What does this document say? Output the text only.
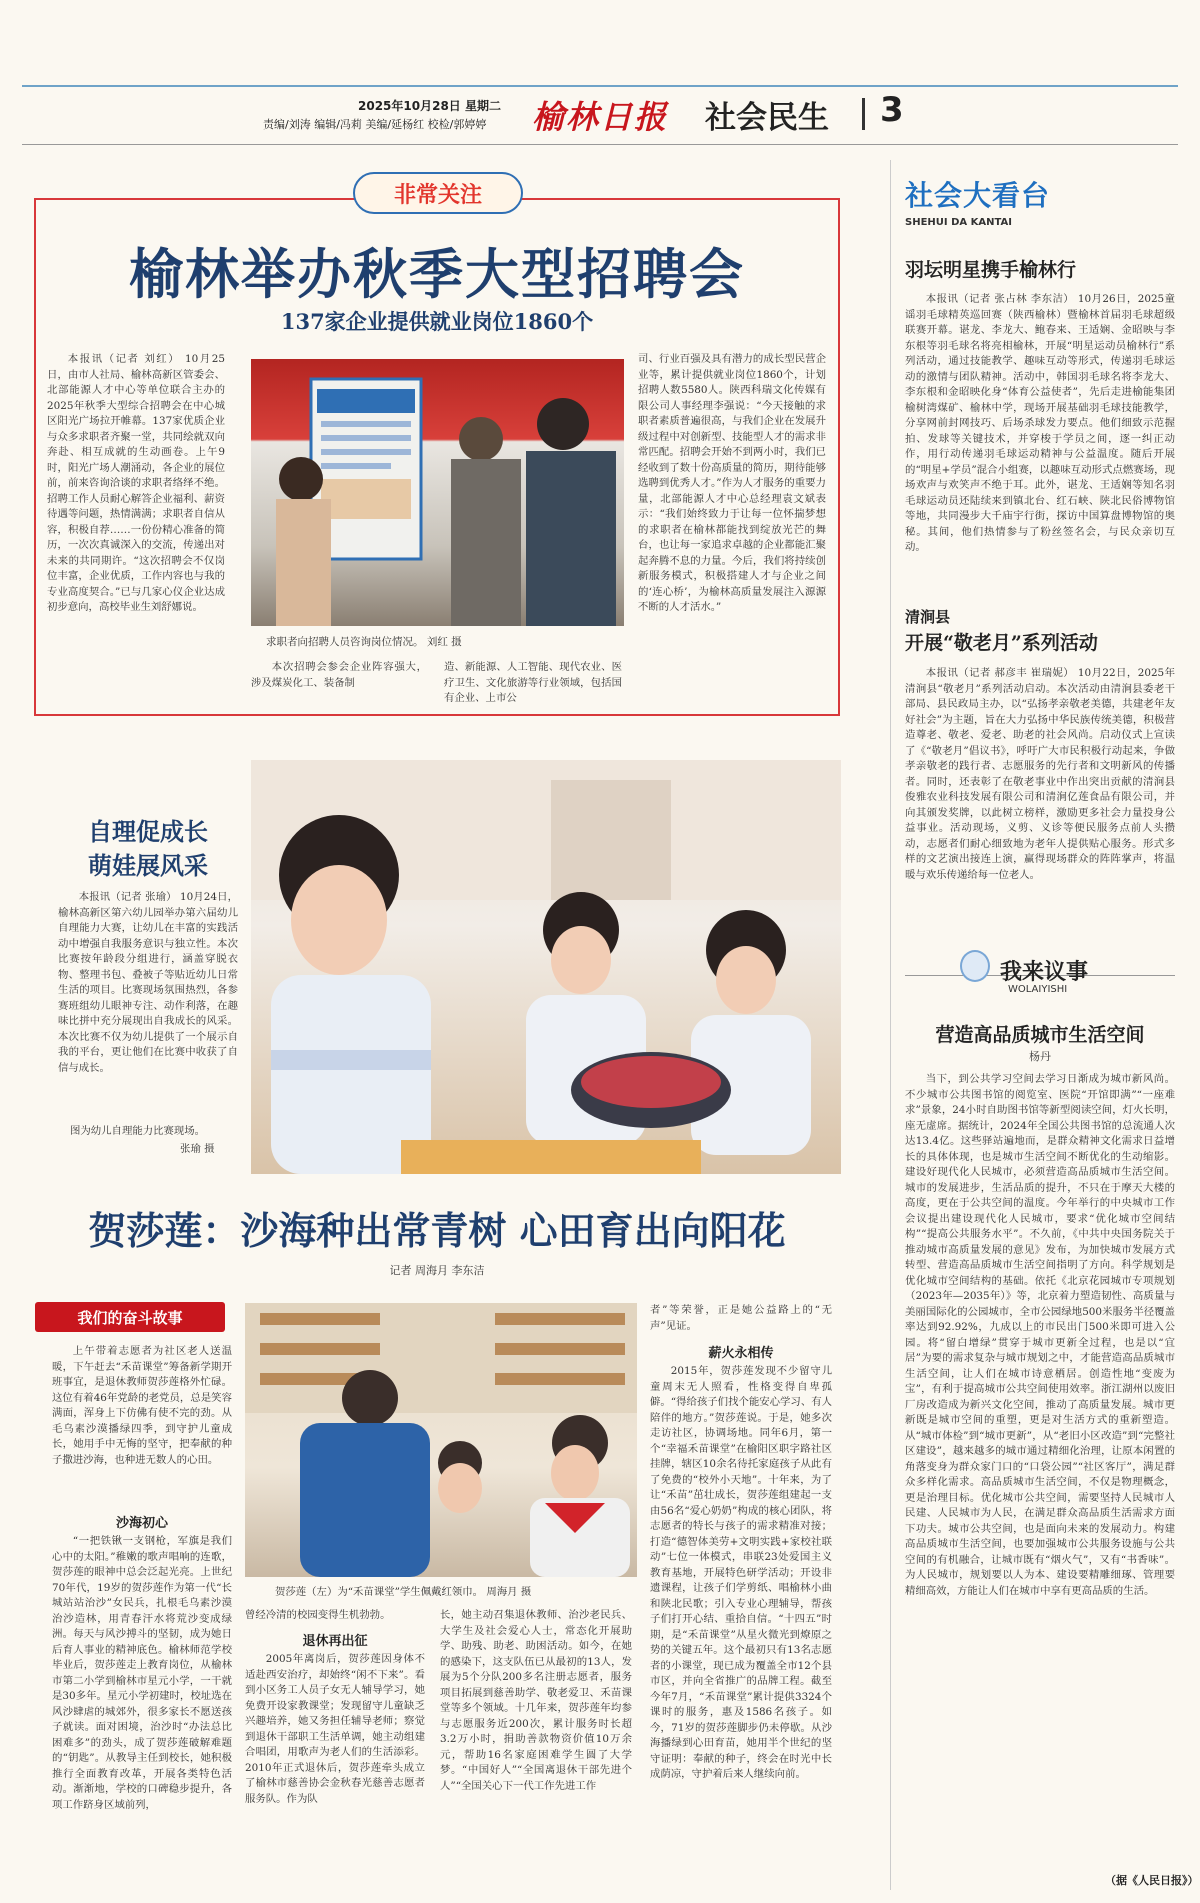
2025年10月28日 星期二
责编/刘涛 编辑/冯莉 美编/延杨红 校检/郭婷婷 榆林日报 社会民生 3
非常关注
榆林举办秋季大型招聘会
137家企业提供就业岗位1860个

本报讯（记者 刘红） 10月25日，由市人社局、榆林高新区管委会、北部能源人才中心等单位联合主办的2025年秋季大型综合招聘会在中心城区阳光广场拉开帷幕。137家优质企业与众多求职者齐聚一堂，共同绘就双向奔赴、相互成就的生动画卷。上午9时，阳光广场人潮涌动，各企业的展位前，前来咨询洽谈的求职者络绎不绝。招聘工作人员耐心解答企业福利、薪资待遇等问题，热情满满；求职者自信从容，积极自荐……一份份精心准备的简历，一次次真诚深入的交流，传递出对未来的共同期许。“这次招聘会不仅岗位丰富，企业优质，工作内容也与我的专业高度契合。”已与几家心仪企业达成初步意向，高校毕业生刘舒娜说。

求职者向招聘人员咨询岗位情况。 刘红 摄

本次招聘会参会企业阵容强大，涉及煤炭化工、装备制

造、新能源、人工智能、现代农业、医疗卫生、文化旅游等行业领域，包括国有企业、上市公

司、行业百强及具有潜力的成长型民营企业等，累计提供就业岗位1860个，计划招聘人数5580人。陕西科瑞文化传媒有限公司人事经理李强说：“今天接触的求职者素质普遍很高，与我们企业在发展升级过程中对创新型、技能型人才的需求非常匹配。招聘会开始不到两小时，我们已经收到了数十份高质量的简历，期待能够选聘到优秀人才。”作为人才服务的重要力量，北部能源人才中心总经理袁文斌表示：“我们始终致力于让每一位怀揣梦想的求职者在榆林都能找到绽放光芒的舞台，也让每一家追求卓越的企业都能汇聚起奔腾不息的力量。今后，我们将持续创新服务模式，积极搭建人才与企业之间的‘连心桥’，为榆林高质量发展注入源源不断的人才活水。”

自理促成长
萌娃展风采

本报讯（记者 张瑜） 10月24日，榆林高新区第六幼儿园举办第六届幼儿自理能力大赛，让幼儿在丰富的实践活动中增强自我服务意识与独立性。本次比赛按年龄段分组进行，涵盖穿脱衣物、整理书包、叠被子等贴近幼儿日常生活的项目。比赛现场氛围热烈，各参赛班组幼儿眼神专注、动作利落，在趣味比拼中充分展现出自我成长的风采。本次比赛不仅为幼儿提供了一个展示自我的平台，更让他们在比赛中收获了自信与成长。

图为幼儿自理能力比赛现场。
张瑜 摄
贺莎莲：沙海种出常青树 心田育出向阳花
记者 周海月 李东洁
我们的奋斗故事

上午带着志愿者为社区老人送温暖，下午赶去“禾苗课堂”筹备新学期开班事宜，是退休教师贺莎莲格外忙碌。这位有着46年党龄的老党员，总是笑容满面，浑身上下仿佛有使不完的劲。从毛乌素沙漠播绿四季，到守护儿童成长，她用手中无悔的坚守，把奉献的种子撒进沙海，也种进无数人的心田。

沙海初心

“一把铁锹一支钢枪，军旗是我们心中的太阳。”稚嫩的歌声唱响的连歌，贺莎莲的眼神中总会泛起光亮。上世纪70年代，19岁的贺莎莲作为第一代“长城站站治沙”女民兵，扎根毛乌素沙漠治沙造林，用青春汗水将荒沙变成绿洲。每天与风沙搏斗的坚韧，成为她日后育人事业的精神底色。榆林师范学校毕业后，贺莎莲走上教育岗位，从榆林市第二小学到榆林市星元小学，一干就是30多年。星元小学初建时，校址选在风沙肆虐的城郊外，很多家长不愿送孩子就读。面对困境，治沙时“办法总比困难多”的劲头，成了贺莎莲破解难题的“钥匙”。从教导主任到校长，她积极推行全面教育改革，开展各类特色活动。渐渐地，学校的口碑稳步提升，各项工作跻身区域前列，

贺莎莲（左）为“禾苗课堂”学生佩戴红领巾。 周海月 摄

曾经冷清的校园变得生机勃勃。

退休再出征

2005年离岗后，贺莎莲因身体不适赴西安治疗，却始终“闲不下来”。看到小区务工人员子女无人辅导学习，她免费开设家教课堂；发现留守儿童缺乏兴趣培养，她又务担任辅导老师；察觉到退休干部职工生活单调，她主动组建合唱团，用歌声为老人们的生活添彩。2010年正式退休后，贺莎莲牵头成立了榆林市慈善协会金秋春光慈善志愿者服务队。作为队

长，她主动召集退休教师、治沙老民兵、大学生及社会爱心人士，常态化开展助学、助残、助老、助困活动。如今，在她的感染下，这支队伍已从最初的13人，发展为5个分队200多名注册志愿者，服务项目拓展到慈善助学、敬老爱卫、禾苗课堂等多个领域。十几年来，贺莎莲年均参与志愿服务近200次，累计服务时长超3.2万小时，捐助善款物资价值10万余元，帮助16名家庭困难学生圆了大学梦。“中国好人”“全国离退休干部先进个人”“全国关心下一代工作先进工作

者”等荣誉，正是她公益路上的“无声”见证。

薪火永相传

2015年，贺莎莲发现不少留守儿童周末无人照看，性格变得自卑孤僻。“得给孩子们找个能安心学习、有人陪伴的地方。”贺莎莲说。于是，她多次走访社区，协调场地。同年6月，第一个“幸福禾苗课堂”在榆阳区职字路社区挂牌，辖区10余名待托家庭孩子从此有了免费的“校外小天地”。十年来，为了让“禾苗”茁壮成长，贺莎莲组建起一支由56名“爱心奶奶”构成的核心团队，将志愿者的特长与孩子的需求精准对接；打造“德智体美劳+文明实践+家校社联动”七位一体模式，串联23处爱国主义教育基地，开展特色研学活动；开设非遗课程，让孩子们学剪纸、唱榆林小曲和陕北民歌；引入专业心理辅导，帮孩子们打开心结、重拾自信。“十四五”时期，是“禾苗课堂”从星火微光到燎原之势的关键五年。这个最初只有13名志愿者的小课堂，现已成为覆盖全市12个县市区，并向全省推广的品牌工程。截至今年7月，“禾苗课堂”累计提供3324个课时的服务，惠及1586名孩子。如今，71岁的贺莎莲脚步仍未停歇。从沙海播绿到心田育苗，她用半个世纪的坚守证明：奉献的种子，终会在时光中长成荫凉，守护着后来人继续向前。

社会大看台
SHEHUI DA KANTAI
羽坛明星携手榆林行

本报讯（记者 张占林 李东洁） 10月26日，2025童谣羽毛球精英巡回赛（陕西榆林）暨榆林首届羽毛球超级联赛开幕。谌龙、李龙大、鲍春来、王适娴、金昭映与李东根等羽毛球名将亮相榆林，开展“明星运动员榆林行”系列活动，通过技能教学、趣味互动等形式，传递羽毛球运动的激情与团队精神。活动中，韩国羽毛球名将李龙大、李东根和金昭映化身“体育公益使者”，先后走进榆能集团榆树湾煤矿、榆林中学，现场开展基础羽毛球技能教学，分享网前封网技巧、后场杀球发力要点。他们细致示范握拍、发球等关键技术，并穿梭于学员之间，逐一纠正动作，用行动传递羽毛球运动精神与公益温度。随后开展的“明星+学员”混合小组赛，以趣味互动形式点燃赛场，现场欢声与欢笑声不绝于耳。此外，谌龙、王适娴等知名羽毛球运动员还陆续来到镇北台、红石峡、陕北民俗博物馆等地，共同漫步大千庙宇行街，探访中国算盘博物馆的奥秘。其间，他们热情参与了粉丝签名会，与民众亲切互动。

清涧县
开展“敬老月”系列活动

本报讯（记者 郝彦丰 崔瑞妮） 10月22日，2025年清涧县“敬老月”系列活动启动。本次活动由清涧县委老干部局、县民政局主办，以“弘扬孝亲敬老美德，共建老年友好社会”为主题，旨在大力弘扬中华民族传统美德，积极营造尊老、敬老、爱老、助老的社会风尚。启动仪式上宣读了《“敬老月”倡议书》，呼吁广大市民积极行动起来，争做孝亲敬老的践行者、志愿服务的先行者和文明新风的传播者。同时，还表彰了在敬老事业中作出突出贡献的清涧县俊雅农业科技发展有限公司和清涧亿莲食品有限公司，并向其颁发奖牌，以此树立榜样，激励更多社会力量投身公益事业。活动现场，义剪、义诊等便民服务点前人头攒动，志愿者们耐心细致地为老年人提供贴心服务。形式多样的文艺演出接连上演，赢得现场群众的阵阵掌声，将温暖与欢乐传递给每一位老人。

我来议事
WOLAIYISHI
营造高品质城市生活空间
杨丹

当下，到公共学习空间去学习日渐成为城市新风尚。不少城市公共图书馆的阅览室、医院“开馆即满”“一座难求”景象，24小时自助图书馆等新型阅读空间，灯火长明，座无虚席。据统计，2024年全国公共图书馆的总流通人次达13.4亿。这些驿站遍地而，是群众精神文化需求日益增长的具体体现，也是城市生活空间不断优化的生动缩影。建设好现代化人民城市，必须营造高品质城市生活空间。城市的发展进步，生活品质的提升，不只在于摩天大楼的高度，更在于公共空间的温度。今年举行的中央城市工作会议提出建设现代化人民城市，要求“优化城市空间结构”“提高公共服务水平”。不久前，《中共中央国务院关于推动城市高质量发展的意见》发布，为加快城市发展方式转型、营造高品质城市生活空间指明了方向。科学规划是优化城市空间结构的基础。依托《北京花园城市专项规划（2023年—2035年）》等，北京着力塑造韧性、高质量与美丽国际化的公园城市，全市公园绿地500米服务半径覆盖率达到92.92%，九成以上的市民出门500米即可进入公园。将“留白增绿”贯穿于城市更新全过程，也是以“宜居”为要的需求复杂与城市规划之中，才能营造高品质城市生活空间，让人们在城市诗意栖居。创造性地“变废为宝”，有利于提高城市公共空间使用效率。浙江湖州以废旧厂房改造成为新兴文化空间，推动了高质量发展。城市更新既是城市空间的重塑，更是对生活方式的重新塑造。从“城市体检”到“城市更新”，从“老旧小区改造”到“完整社区建设”，越来越多的城市通过精细化治理，让原本闲置的角落变身为群众家门口的“口袋公园”“社区客厅”，满足群众多样化需求。高品质城市生活空间，不仅是物理概念，更是治理目标。优化城市公共空间，需要坚持人民城市人民建、人民城市为人民，在满足群众高品质生活需求方面下功夫。城市公共空间，也是面向未来的发展动力。构建高品质城市生活空间，也要加强城市公共服务设施与公共空间的有机融合，让城市既有“烟火气”，又有“书香味”。为人民城市，规划要以人为本、建设要精雕细琢、管理要精细高效，方能让人们在城市中享有更高品质的生活。

（据《人民日报》）
